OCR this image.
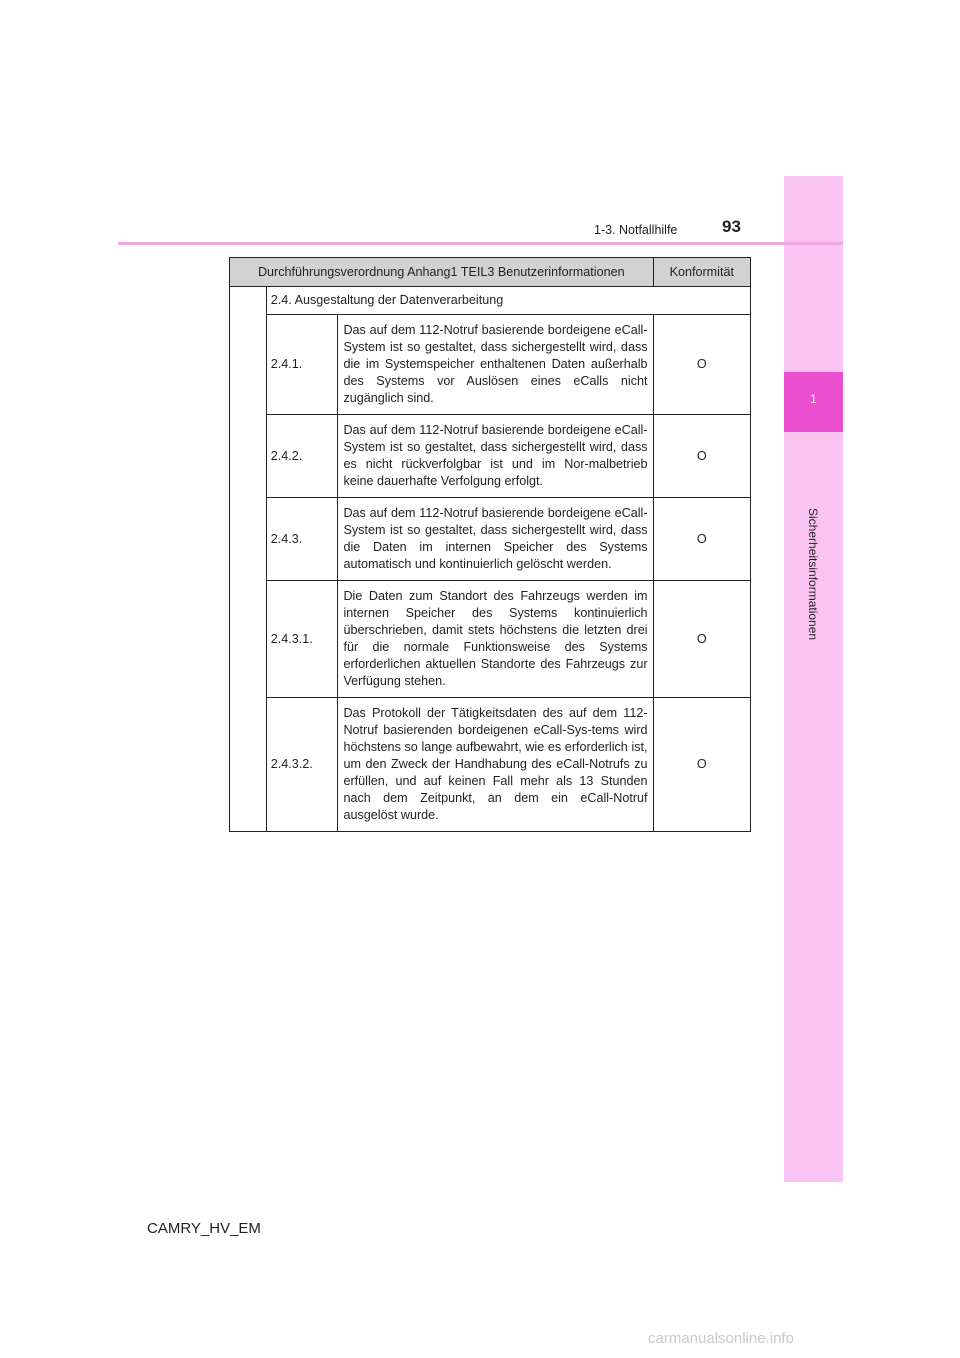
1
Sicherheitsinformationen
1-3. Notfallhilfe	93
Durchführungsverordnung Anhang1 TEIL3 Benutzerinformationen			Konformität
	2.4. Ausgestaltung der Datenverarbeitung		
	2.4.1.	Das auf dem 112-Notruf basierende bordeigene eCall-System ist so gestaltet, dass sichergestellt wird, dass die im Systemspeicher enthaltenen Daten außerhalb des Systems vor Auslösen eines eCalls nicht zugänglich sind.	O
	2.4.2.	Das auf dem 112-Notruf basierende bordeigene eCall-System ist so gestaltet, dass sichergestellt wird, dass es nicht rückverfolgbar ist und im Nor-malbetrieb keine dauerhafte Verfolgung erfolgt.	O
	2.4.3.	Das auf dem 112-Notruf basierende bordeigene eCall-System ist so gestaltet, dass sichergestellt wird, dass die Daten im internen Speicher des Systems automatisch und kontinuierlich gelöscht werden.	O
	2.4.3.1.	Die Daten zum Standort des Fahrzeugs werden im internen Speicher des Systems kontinuierlich überschrieben, damit stets höchstens die letzten drei für die normale Funktionsweise des Systems erforderlichen aktuellen Standorte des Fahrzeugs zur Verfügung stehen.	O
	2.4.3.2.	Das Protokoll der Tätigkeitsdaten des auf dem 112-Notruf basierenden bordeigenen eCall-Sys-tems wird höchstens so lange aufbewahrt, wie es erforderlich ist, um den Zweck der Handhabung des eCall-Notrufs zu erfüllen, und auf keinen Fall mehr als 13 Stunden nach dem Zeitpunkt, an dem ein eCall-Notruf ausgelöst wurde.	O
CAMRY_HV_EM
carmanualsonline.info
